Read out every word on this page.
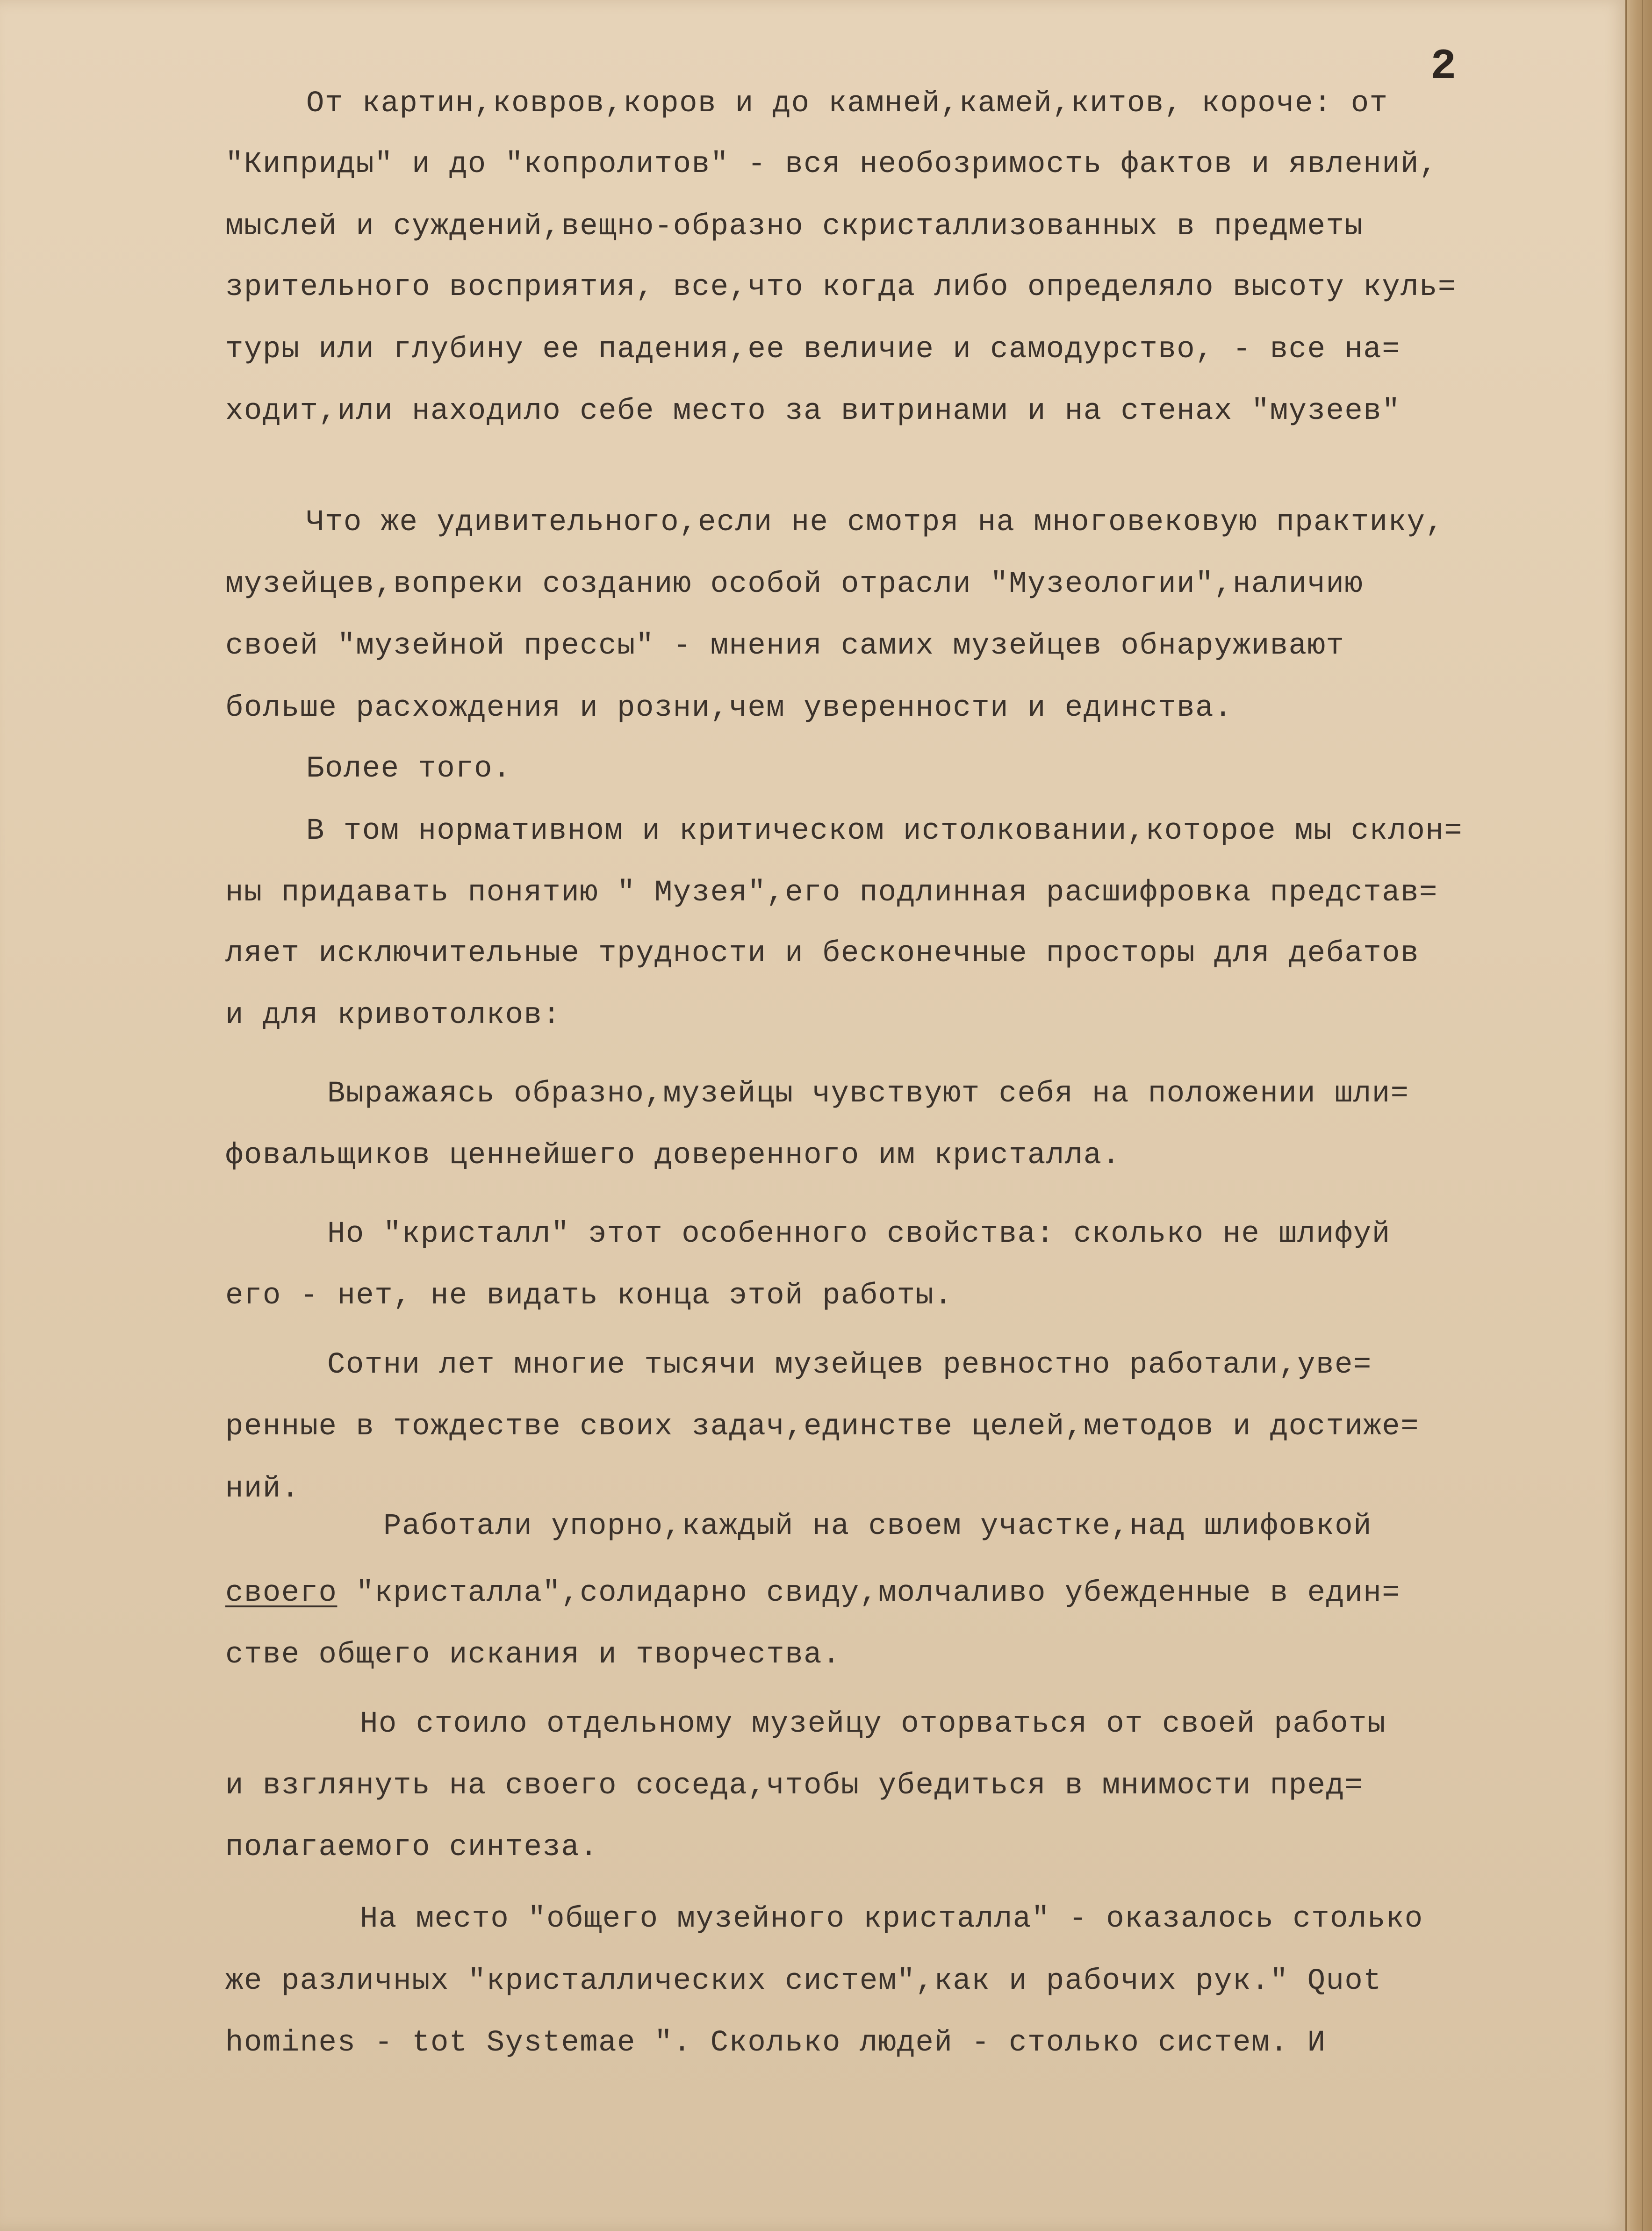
2
От картин,ковров,коров и до камней,камей,китов, короче: от
"Киприды" и до "копролитов" - вся необозримость фактов и явлений,
мыслей и суждений,вещно-образно скристаллизованных в предметы
зрительного восприятия, все,что когда либо определяло высоту куль=
туры или глубину ее падения,ее величие и самодурство, - все на=
ходит,или находило себе место за витринами и на стенах "музеев"
Что же удивительного,если не смотря на многовековую практику,
музейцев,вопреки созданию особой отрасли "Музеологии",наличию
своей "музейной прессы" - мнения самих музейцев обнаруживают
больше расхождения и розни,чем уверенности и единства.
Более того.
В том нормативном и критическом истолковании,которое мы склон=
ны придавать понятию " Музея",его подлинная расшифровка представ=
ляет исключительные трудности и бесконечные просторы для дебатов
и для кривотолков:
Выражаясь образно,музейцы чувствуют себя на положении шли=
фовальщиков ценнейшего доверенного им кристалла.
Но "кристалл" этот особенного свойства: сколько не шлифуй
его - нет, не видать конца этой работы.
Сотни лет многие тысячи музейцев ревностно работали,уве=
ренные в тождестве своих задач,единстве целей,методов и достиже=
ний.
Работали упорно,каждый на своем участке,над шлифовкой
своего "кристалла",солидарно свиду,молчаливо убежденные в един=
стве общего искания и творчества.
Но стоило отдельному музейцу оторваться от своей работы
и взглянуть на своего соседа,чтобы убедиться в мнимости пред=
полагаемого синтеза.
На место "общего музейного кристалла" - оказалось столько
же различных "кристаллических систем",как и рабочих рук." Quot
homines - tot Systemae ". Сколько людей - столько систем. И
